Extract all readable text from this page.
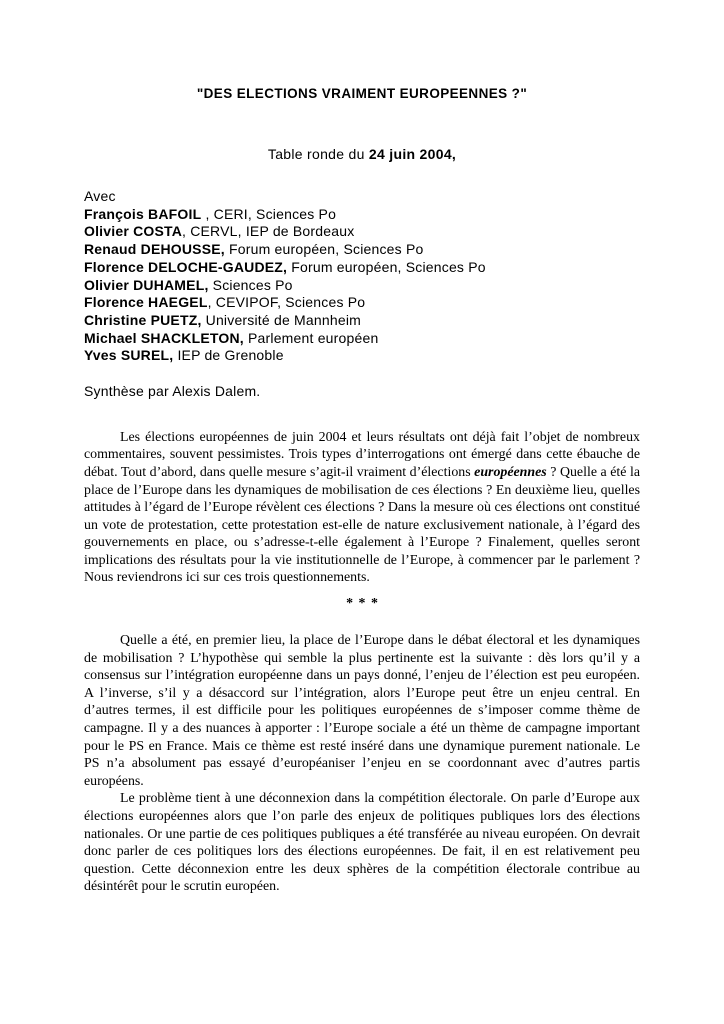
"DES ELECTIONS VRAIMENT EUROPEENNES ?"
Table ronde du 24 juin 2004,
Avec
François BAFOIL , CERI, Sciences Po
Olivier COSTA, CERVL, IEP de Bordeaux
Renaud DEHOUSSE, Forum européen, Sciences Po
Florence DELOCHE-GAUDEZ, Forum européen, Sciences Po
Olivier DUHAMEL, Sciences Po
Florence HAEGEL, CEVIPOF, Sciences Po
Christine PUETZ, Université de Mannheim
Michael SHACKLETON, Parlement européen
Yves SUREL, IEP de Grenoble
Synthèse par Alexis Dalem.
Les élections européennes de juin 2004 et leurs résultats ont déjà fait l’objet de nombreux commentaires, souvent pessimistes. Trois types d’interrogations ont émergé dans cette ébauche de débat. Tout d’abord, dans quelle mesure s’agit-il vraiment d’élections européennes ? Quelle a été la place de l’Europe dans les dynamiques de mobilisation de ces élections ? En deuxième lieu, quelles attitudes à l’égard de l’Europe révèlent ces élections ? Dans la mesure où ces élections ont constitué un vote de protestation, cette protestation est-elle de nature exclusivement nationale, à l’égard des gouvernements en place, ou s’adresse-t-elle également à l’Europe ? Finalement, quelles seront implications des résultats pour la vie institutionnelle de l’Europe, à commencer par le parlement ? Nous reviendrons ici sur ces trois questionnements.
* * *
Quelle a été, en premier lieu, la place de l’Europe dans le débat électoral et les dynamiques de mobilisation ? L’hypothèse qui semble la plus pertinente est la suivante : dès lors qu’il y a consensus sur l’intégration européenne dans un pays donné, l’enjeu de l’élection est peu européen. A l’inverse, s’il y a désaccord sur l’intégration, alors l’Europe peut être un enjeu central. En d’autres termes, il est difficile pour les politiques européennes de s’imposer comme thème de campagne. Il y a des nuances à apporter : l’Europe sociale a été un thème de campagne important pour le PS en France. Mais ce thème est resté inséré dans une dynamique purement nationale. Le PS n’a absolument pas essayé d’européaniser l’enjeu en se coordonnant avec d’autres partis européens.
Le problème tient à une déconnexion dans la compétition électorale. On parle d’Europe aux élections européennes alors que l’on parle des enjeux de politiques publiques lors des élections nationales. Or une partie de ces politiques publiques a été transférée au niveau européen. On devrait donc parler de ces politiques lors des élections européennes. De fait, il en est relativement peu question. Cette déconnexion entre les deux sphères de la compétition électorale contribue au désintérêt pour le scrutin européen.
